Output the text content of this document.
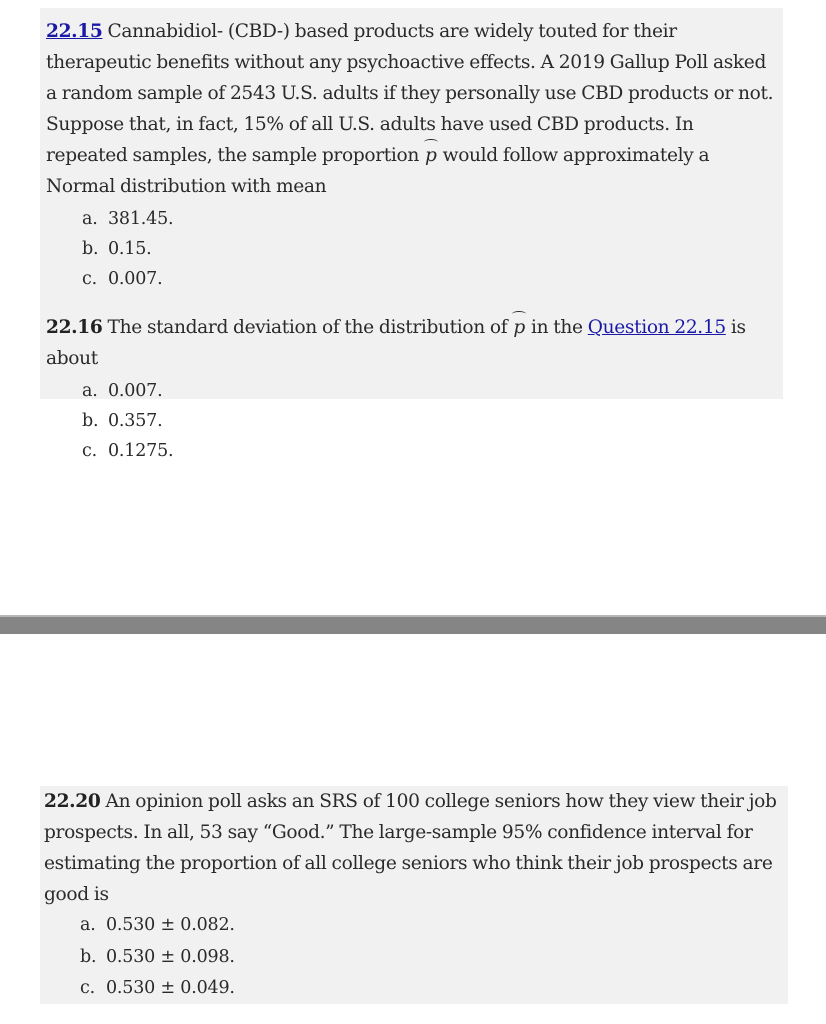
22.15 Cannabidiol- (CBD-) based products are widely touted for their therapeutic benefits without any psychoactive effects. A 2019 Gallup Poll asked a random sample of 2543 U.S. adults if they personally use CBD products or not. Suppose that, in fact, 15% of all U.S. adults have used CBD products. In repeated samples, the sample proportion p would follow approximately a Normal distribution with mean

a. 381.45.
b. 0.15.
c. 0.007.

22.16 The standard deviation of the distribution of p in the Question 22.15 is about

a. 0.007.
b. 0.357.
c. 0.1275.

22.20 An opinion poll asks an SRS of 100 college seniors how they view their job prospects. In all, 53 say “Good.” The large-sample 95% confidence interval for estimating the proportion of all college seniors who think their job prospects are good is

a. 0.530 ± 0.082.
b. 0.530 ± 0.098.
c. 0.530 ± 0.049.
